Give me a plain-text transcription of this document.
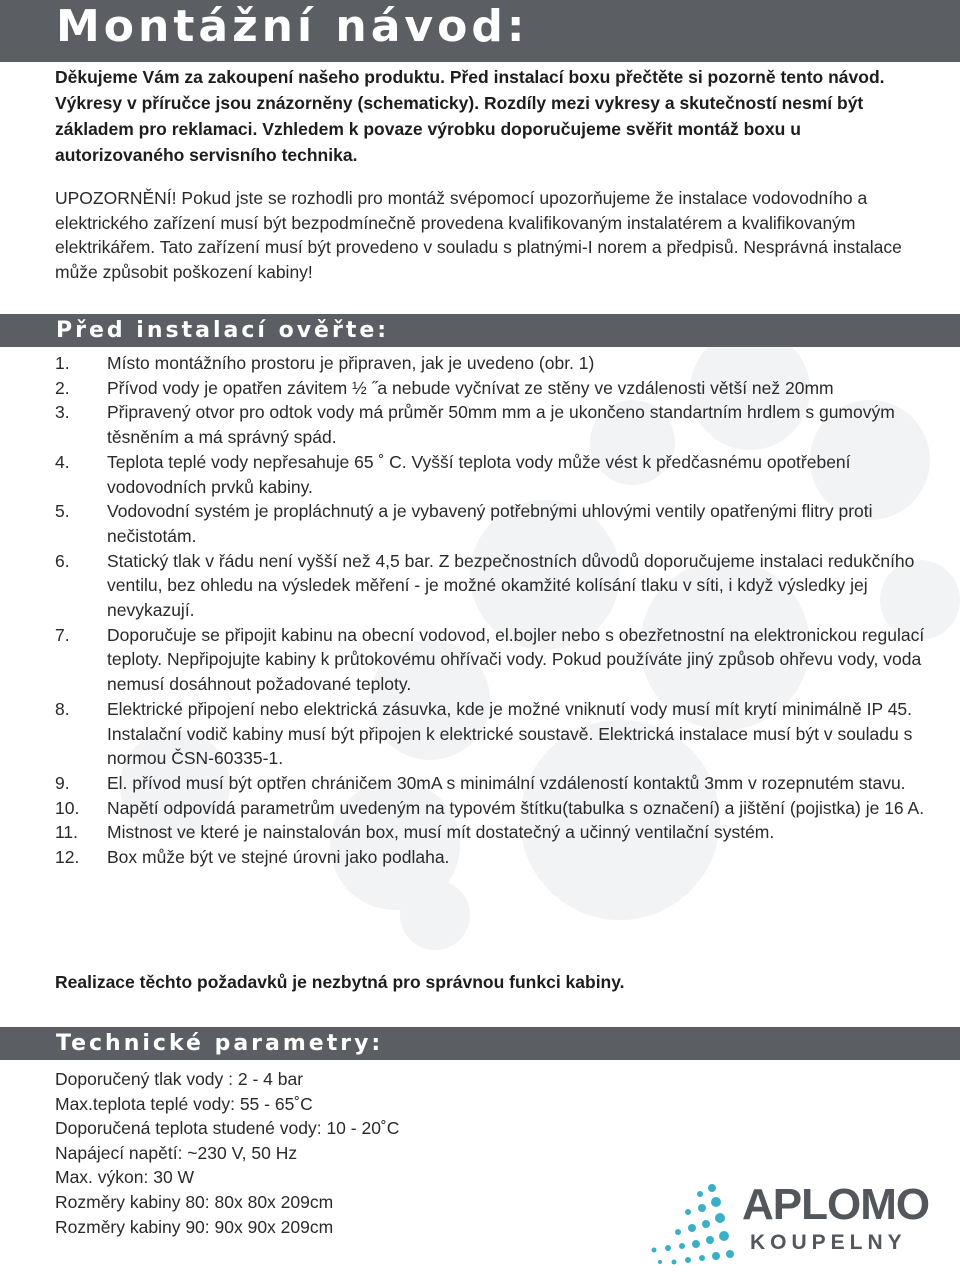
Montážní návod:
Děkujeme Vám za zakoupení našeho produktu. Před instalací boxu přečtěte si pozorně tento návod. Výkresy v příručce jsou znázorněny (schematicky). Rozdíly mezi vykresy a skutečností nesmí být základem pro reklamaci. Vzhledem k povaze výrobku doporučujeme svěřit montáž boxu u autorizovaného servisního technika.
UPOZORNĚNÍ! Pokud jste se rozhodli pro montáž svépomocí upozorňujeme že instalace vodovodního a elektrického zařízení musí být bezpodmínečně provedena kvalifikovaným instalatérem a kvalifikovaným elektrikářem. Tato zařízení musí být provedeno v souladu s platnými-I norem a předpisů. Nesprávná instalace může způsobit poškození kabiny!
Před instalací ověřte:
1. Místo montážního prostoru je připraven, jak je uvedeno (obr. 1)
2. Přívod vody je opatřen závitem ½ ˝a nebude vyčnívat ze stěny ve vzdálenosti větší než 20mm
3. Připravený otvor pro odtok vody má průměr 50mm mm a je ukončeno standartním hrdlem s gumovým těsněním a má správný spád.
4. Teplota teplé vody nepřesahuje 65 ˚ C. Vyšší teplota vody může vést k předčasnému opotřebení vodovodních prvků kabiny.
5. Vodovodní systém je propláchnutý a je vybavený potřebnými uhlovými ventily opatřenými flitry proti nečistotám.
6. Statický tlak v řádu není vyšší než 4,5 bar. Z bezpečnostních důvodů doporučujeme instalaci redukčního ventilu, bez ohledu na výsledek měření - je možné okamžité kolísání tlaku v síti, i když výsledky jej nevykazují.
7. Doporučuje se připojit kabinu na obecní vodovod, el.bojler nebo s obezřetnostní na elektronickou regulací teploty. Nepřipojujte kabiny k průtokovému ohřívači vody. Pokud používáte jiný způsob ohřevu vody, voda nemusí dosáhnout požadované teploty.
8. Elektrické připojení nebo elektrická zásuvka, kde je možné vniknutí vody musí mít krytí minimálně IP 45. Instalační vodič kabiny musí být připojen k elektrické soustavě. Elektrická instalace musí být v souladu s normou ČSN-60335-1.
9. El. přívod musí být optřen chráničem 30mA s minimální vzdáleností kontaktů 3mm v rozepnutém stavu.
10. Napětí odpovídá parametrům uvedeným na typovém štítku(tabulka s označení) a jištění (pojistka) je 16 A.
11. Mistnost ve které je nainstalován box, musí mít dostatečný a učinný ventilační systém.
12. Box může být ve stejné úrovni jako podlaha.
Realizace těchto požadavků je nezbytná pro správnou funkci kabiny.
Technické parametry:
Doporučený tlak vody : 2 - 4 bar
Max.teplota teplé vody: 55 - 65˚C
Doporučená teplota studené vody: 10 - 20˚C
Napájecí napětí: ~230 V, 50 Hz
Max. výkon: 30 W
Rozměry kabiny 80: 80x 80x 209cm
Rozměry kabiny 90: 90x 90x 209cm	APLOMO
KOUPELNY
